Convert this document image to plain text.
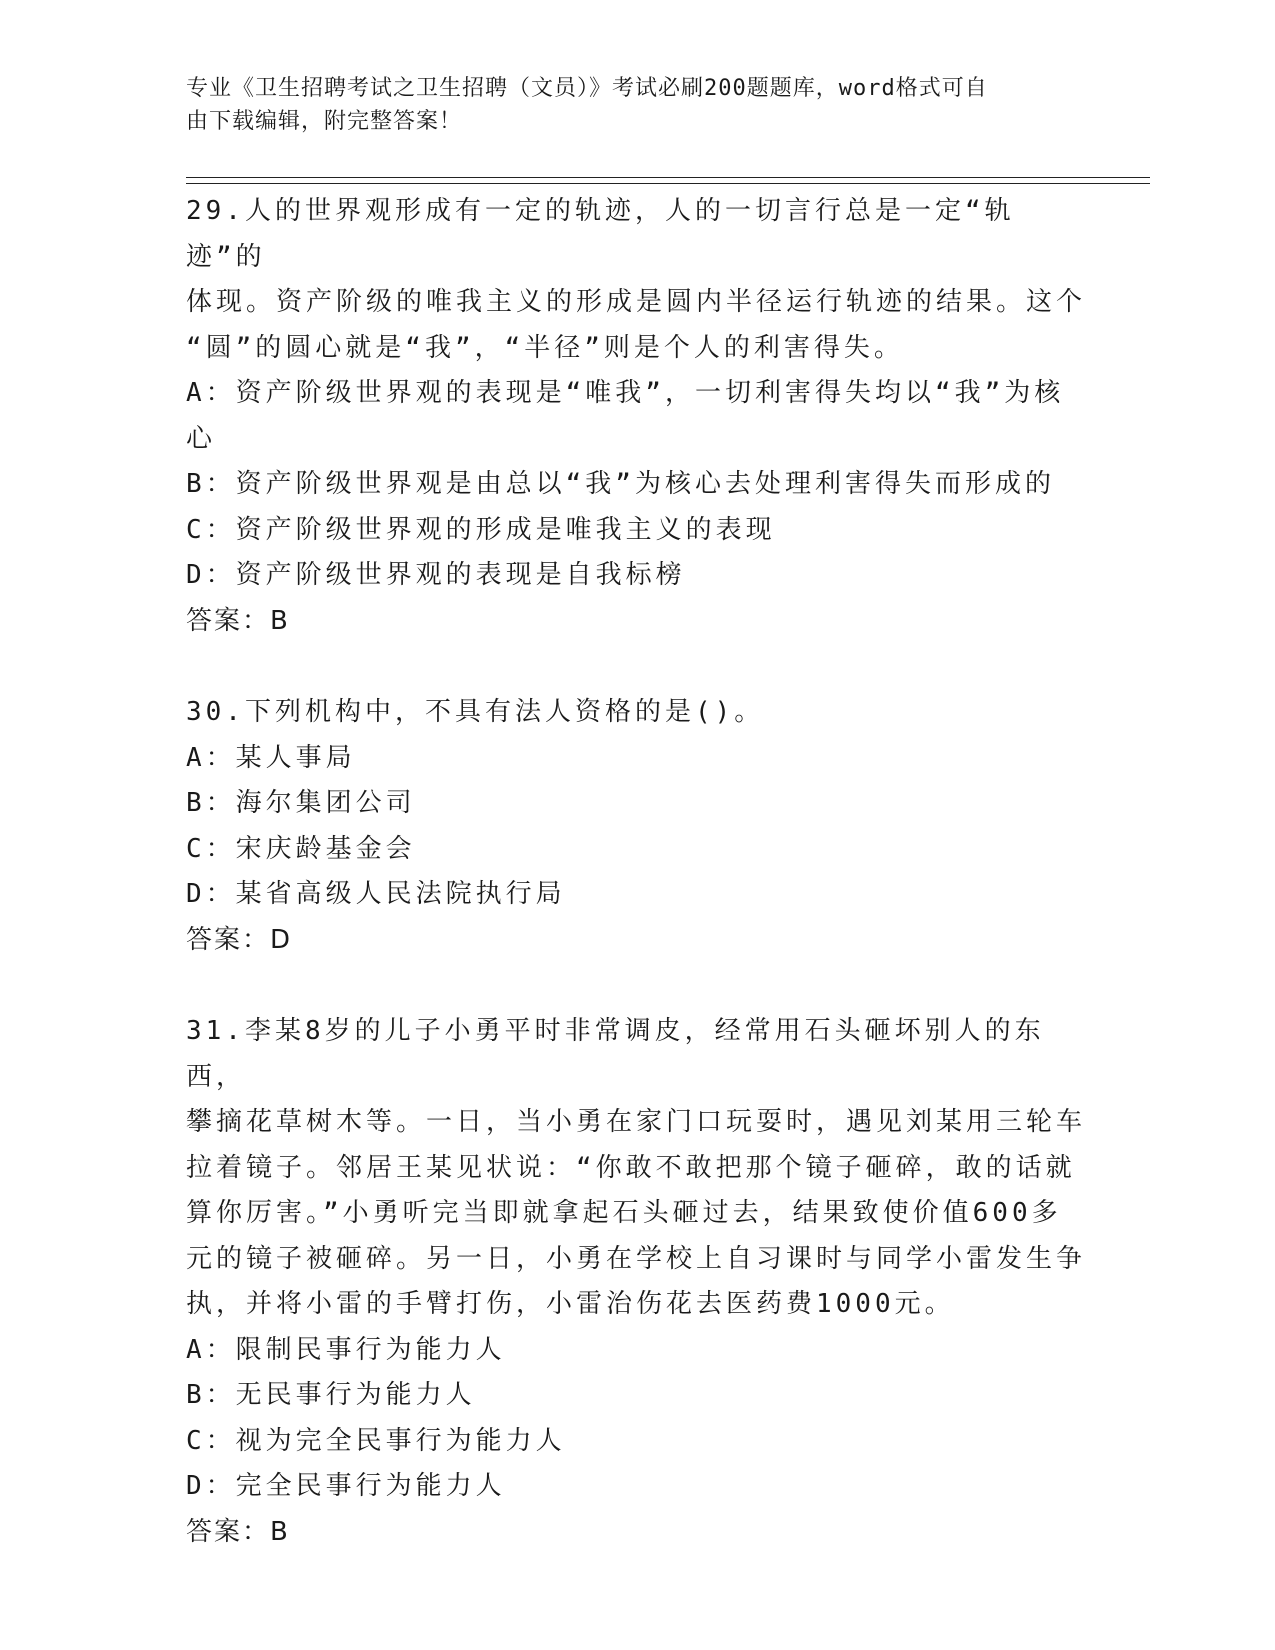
专业《卫生招聘考试之卫生招聘（文员）》考试必刷200题题库，word格式可自
由下载编辑，附完整答案！

29.人的世界观形成有一定的轨迹，人的一切言行总是一定“轨迹”的

体现。资产阶级的唯我主义的形成是圆内半径运行轨迹的结果。这个

“圆”的圆心就是“我”，“半径”则是个人的利害得失。

A：资产阶级世界观的表现是“唯我”，一切利害得失均以“我”为核

心

B：资产阶级世界观是由总以“我”为核心去处理利害得失而形成的

C：资产阶级世界观的形成是唯我主义的表现

D：资产阶级世界观的表现是自我标榜

答案：B

30.下列机构中，不具有法人资格的是()。

A：某人事局

B：海尔集团公司

C：宋庆龄基金会

D：某省高级人民法院执行局

答案：D

31.李某8岁的儿子小勇平时非常调皮，经常用石头砸坏别人的东西，

攀摘花草树木等。一日，当小勇在家门口玩耍时，遇见刘某用三轮车

拉着镜子。邻居王某见状说：“你敢不敢把那个镜子砸碎，敢的话就

算你厉害。”小勇听完当即就拿起石头砸过去，结果致使价值600多

元的镜子被砸碎。另一日，小勇在学校上自习课时与同学小雷发生争

执，并将小雷的手臂打伤，小雷治伤花去医药费1000元。

A：限制民事行为能力人

B：无民事行为能力人

C：视为完全民事行为能力人

D：完全民事行为能力人

答案：B
